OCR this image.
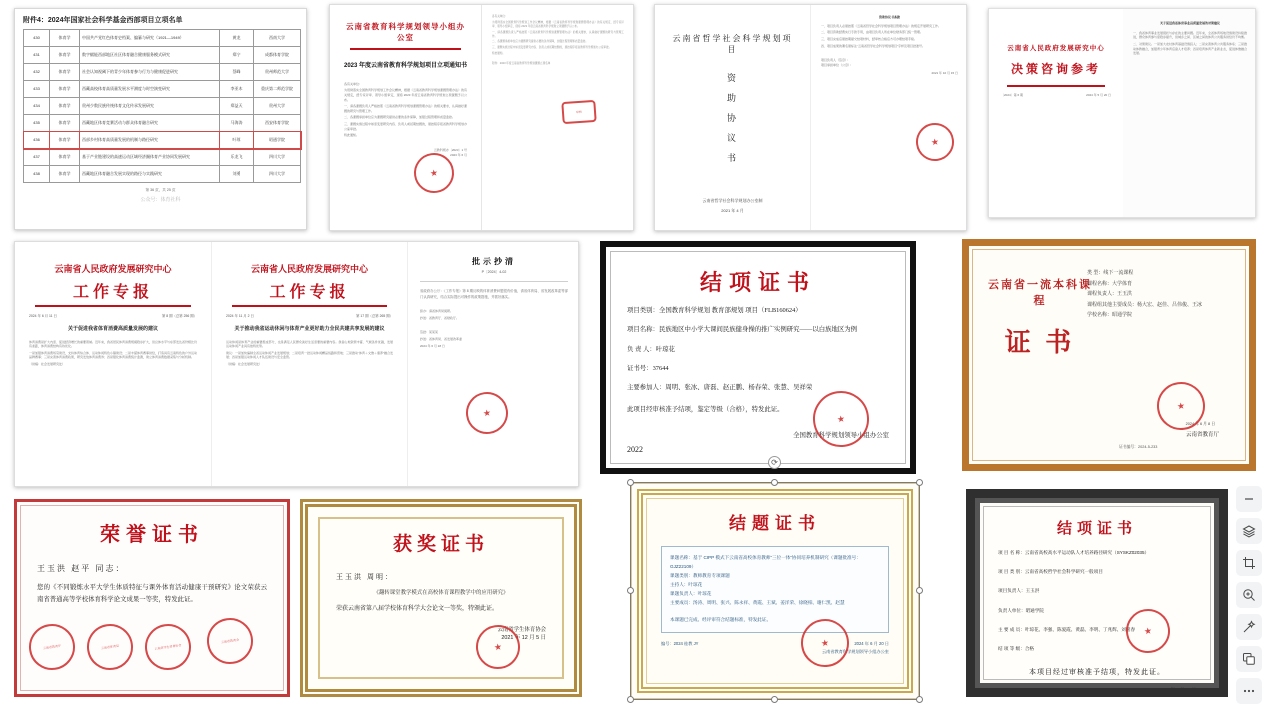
附件4：2024年国家社会科学基金西部项目立项名单
430	体育学	中国共产党红色体育史档案、编纂与研究（1921—1949）	黄龙	西南大学
431	体育学	数字赋能西部地区社区体育融合健康服务模式研究	郑宁	成都体育学院
432	体育学	社会认知视阈下的青少年体育参与行为与健康促进研究	蔡峰	贵州师范大学
433	体育学	西藏高校体育高质量发展水平测度与时空演变研究	李亚木	重庆第二师范学院
434	体育学	贵州少数民族传统体育文化传承发展研究	郑益天	贵州大学
435	体育学	西藏地区体育竞赛活动与群众体育融合研究	马海涛	西安体育学院
436	体育学	西部乡村体育高质量发展的机制与路径研究	叶琼	昭通学院
437	体育学	基于产业链建设的高速运动区域经济圈体育产业协同发展研究	乐龙飞	四川大学
438	体育学	西藏地区体育融合发展实现的路径与实践研究	刘勇	四川大学
第 36 页，共 25 页
公众号：体育社科
云南省教育科学规划领导小组办公室
2023 年度云南省教育科学规划项目立项通知书
各有关单位：
为贯彻落实全国教育科学规划工作会议精神，根据《云南省教育科学规划课题管理办法》的有关规定，经专家评审、领导小组审定，现将 2023 年度云南省教育科学规划立项课题予以公布。
一、请各课题负责人严格按照《云南省教育科学规划课题管理办法》的相关要求，认真做好课题的研究与管理工作。
二、各课题承担单位应为课题研究提供必要的条件保障，加强过程管理和质量监控。
三、课题实施过程中如需变更研究内容、负责人或延期结题的，须按程序报省教育科学规划办公室审批。
特此通知。
云教科规办〔2023〕1 号
2023 年 6 月
★
各有关单位：
为贯彻落实全国教育科学规划工作会议精神，根据《云南省教育科学规划课题管理办法》的有关规定，经专家评审、领导小组审定，现将 2023 年度云南省教育科学规划立项课题予以公布。
一、请各课题负责人严格按照《云南省教育科学规划课题管理办法》的相关要求，认真做好课题的研究与管理工作。
二、各课题承担单位应为课题研究提供必要的条件保障，加强过程管理和质量监控。
三、课题实施过程中如需变更研究内容、负责人或延期结题的，须按程序报省教育科学规划办公室审批。
特此通知。
附件：2023 年度云南省教育科学规划课题立项名单
审核
云南省哲学社会科学规划项目
资
助
协
议
书
云南省哲学社会科学规划办公室制
2021 年 4 月
资助协议书条款
一、项目负责人必须按照《云南省哲学社会科学规划项目管理办法》的规定开展研究工作。
二、项目资助经费实行专款专用，由项目负责人所在单位财务部门统一管理。
三、项目完成后须按期提交结项材料，经审核合格后方可办理结项手续。
四、项目成果的署名须标注“云南省哲学社会科学规划项目”字样及项目批准号。
项目负责人（签章）：
项目承担单位（公章）：
2021 年 10 月 15 日
★
云南省人民政府发展研究中心
决策咨询参考
〔2024〕第 6 期	2024 年 5 月 20 日
关于促进我省体育事业高质量发展的对策建议
一、我省体育事业发展现状与存在的主要问题。近年来，全省体育场地设施建设持续推进，群众体育参与度稳步提升，但城乡之间、区域之间的体育公共服务供给仍不均衡。
二、对策建议。一是加大农村体育基础设施投入；二是完善体育公共服务体系；三是推动体教融合，加强青少年体育后备人才培养；四是培育体育产业新业态，促进体旅融合发展。
云南省人民政府发展研究中心
工作专报
2024 年 6 月 11 日	第 8 期（总第 256 期）
关于促进我省体育消费高质量发展的建议
体育消费是扩大内需、促进经济增长的重要领域。近年来，我省居民体育消费规模稳步扩大，但总体水平与东部发达省份相比仍有差距，体育消费结构有待优化。
一是加强体育消费场景建设，支持体育综合体、运动休闲特色小镇建设；二是丰富体育赛事供给，打造具有云南特色的户外运动品牌赛事；三是完善体育消费政策，研究发放体育消费券；四是强化体育消费统计监测，建立体育消费数据采集与分析机制。
（供稿：社会发展研究处）
云南省人民政府发展研究中心
工作专报
2024 年 11 月 2 日	第 17 期（总第 265 期）
关于推动我省运动休闲与体育产业更好助力全民共建共享发展的建议
运动休闲是体育产业的重要组成部分，也是满足人民群众美好生活需要的重要内容。我省山地资源丰富、气候条件优越，发展运动休闲产业具有独特优势。
建议：一是加快编制全省运动休闲产业发展规划；二是培育一批运动休闲精品线路和营地；三是推动“体育＋文旅＋康养”融合发展；四是加强运动休闲人才队伍建设与安全监管。
（供稿：社会发展研究处）
批示抄清
P〔2024〕4-02
省政府办公厅：《工作专报》第 8 期反映的体育消费问题很有价值，请省体育局、省发展改革委等部门认真研究，结合实际提出可操作的政策措施，并抓好落实。
拟办：请省体育局阅研。
抄送：省教育厅、省财政厅。
签批：某某某
抄送：省体育局、省发展改革委
2024 年 6 月 18 日
★
结项证书
项目类别：全国教育科学规划 教育部规划 项目（FLB160624）
项目名称：民族地区中小学大课间民族健身操的推广实例研究——以白族地区为例
负 责 人：叶琼花
证书号：37644
主要参加人：周明、张冰、唐磊、赵正鹏、杨春荣、张慧、吴祥荣
此项目经审核准予结项，鉴定等级（合格），特发此证。
全国教育科学规划领导小组办公室
2022
★
云南省一流本科课程
证 书
类 型：线下一流课程
课程名称：大学体育
课程负责人：王玉洪
课程组其他主要成员：杨大宏、赵佳、吕伟俊、王冰
学校名称：昭通学院
云南省教育厅
证书编号：2024-5-233
2024 年 6 月 8 日
★
荣誉证书
王玉洪 赵平 同志：
您的《不同锻炼水平大学生体质特征与课外体育活动健康干预研究》论文荣获云南省普通高等学校体育科学论文成果一等奖，特发此证。
云南省教育厅	云南省体育局	云南省学生体育协会
云南省教育会
获奖证书
王玉洪 周明：
《翻转课堂教学模式在高校体育课程教学中的应用研究》
荣获云南省第八届学校体育科学大会论文一等奖，特颁此证。
云南省学生体育协会
2021 年 12 月 5 日
★
结题证书
课题名称：基于 CIPP 模式下云南省高校体育教师“三位一体”协同培养机制研究（课题批准号：GJZ22109）
课题类别：教师教育专项课题
主持人：叶琼花
课题负责人：叶琼花
主要成员：汤涛、周明、张兴、陈永祥、黄霞、王斌、姜洋荣、徐晓柏、谢仁凯、赵慧
本课题已完成、经评审符合结题标准，特发此证。
编号：2024 桂教 JY	2024 年 6 月 20 日
云南省教育科学规划领导小组办公室
★
⟳
结项证书
项 目 名 称：云南省高校高水平运动队人才培养路径研究（SYSKZ02035）
项 目 类 别：云南省高校哲学社会科学研究一般项目
项目负责人：王玉洪
负责人单位：昭通学院
主 要 成 员：叶琼花、李强、陈爱霞、黄磊、李明、丁兆辉、刘铭春
结 项 等 级：合格
本项目经过审核准予结项，特发此证。
2024 年 2 月 20 日
★
